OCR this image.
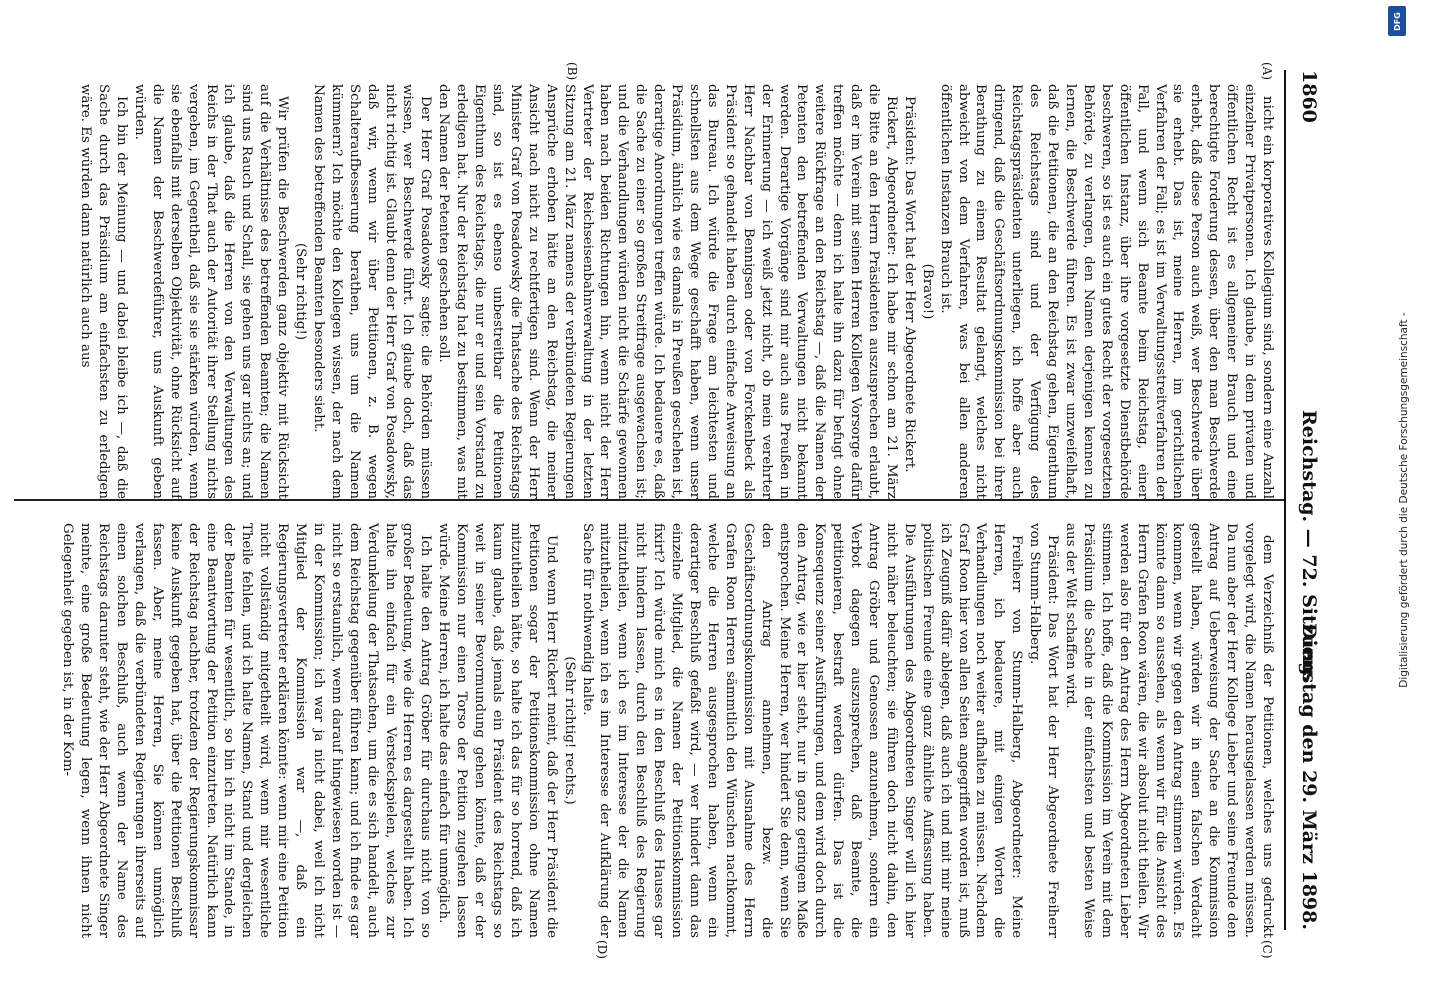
1860
Reichstag. — 72. Sitzung.
Dienstag den 29. März 1898.
(A)
(B)
(C)
(D)

nicht ein korporatives Kollegium sind, sondern eine Anzahl einzelner Privatpersonen. Ich glaube, in dem privaten und öffentlichen Recht ist es allgemeiner Brauch und eine berechtigte Forderung dessen, über den man Beschwerde erhebt, daß diese Person auch weiß, wer Beschwerde über sie erhebt. Das ist, meine Herren, im gerichtlichen Verfahren der Fall; es ist im Verwaltungsstreitverfahren der Fall, und wenn sich Beamte beim Reichstag, einer öffentlichen Instanz, über ihre vorgesetzte Dienstbehörde beschweren, so ist es auch ein gutes Recht der vorgesetzten Behörde, zu verlangen, den Namen derjenigen kennen zu lernen, die Beschwerde führen. Es ist zwar unzweifelhaft, daß die Petitionen, die an den Reichstag gehen, Eigenthum des Reichstags sind und der Verfügung des Reichstagspräsidenten unterliegen, ich hoffe aber auch dringend, daß die Geschäftsordnungskommission bei ihrer Berathung zu einem Resultat gelangt, welches nicht abweicht von dem Verfahren, was bei allen anderen öffentlichen Instanzen Brauch ist.

(Bravo!)

Präsident: Das Wort hat der Herr Abgeordnete Rickert.

Rickert, Abgeordneter: Ich habe mir schon am 21. März die Bitte an den Herrn Präsidenten auszusprechen erlaubt, daß er im Verein mit seinen Herren Kollegen Vorsorge dafür treffen möchte — denn ich halte ihn dazu für befugt ohne weitere Rückfrage an den Reichstag —, daß die Namen der Petenten den betreffenden Verwaltungen nicht bekannt werden. Derartige Vorgänge sind mir auch aus Preußen in der Erinnerung — ich weiß jetzt nicht, ob mein verehrter Herr Nachbar von Bennigsen oder von Forckenbeck als Präsident so gehandelt haben durch einfache Anweisung an das Bureau. Ich würde die Frage am leichtesten und schnellsten aus dem Wege geschafft haben, wenn unser Präsidium, ähnlich wie es damals in Preußen geschehen ist, derartige Anordnungen treffen würde. Ich bedauere es, daß die Sache zu einer so großen Streitfrage ausgewachsen ist; und die Verhandlungen würden nicht die Schärfe gewonnen haben nach beiden Richtungen hin, wenn nicht der Herr Vertreter der Reichseisenbahnverwaltung in der letzten Sitzung am 21. März namens der verbündeten Regierungen Ansprüche erhoben hätte an den Reichstag, die meiner Ansicht nach nicht zu rechtfertigen sind. Wenn der Herr Minister Graf von Posadowsky die Thatsache des Reichstags sind, so ist es ebenso unbestreitbar die Petitionen Eigenthum des Reichstags, die nur er und sein Vorstand zu erledigen hat. Nur der Reichstag hat zu bestimmen, was mit den Namen der Petenten geschehen soll.

Der Herr Graf Posadowsky sagte: die Behörden müssen wissen, wer Beschwerde führt. Ich glaube doch, daß das nicht richtig ist. Glaubt denn der Herr Graf von Posadowsky, daß wir, wenn wir über Petitionen, z. B. wegen Schalteraufbesserung berathen, uns um die Namen kümmern? Ich möchte den Kollegen wissen, der nach dem Namen des betreffenden Beamten besonders sieht.

(Sehr richtig!)

Wir prüfen die Beschwerden ganz objektiv mit Rücksicht auf die Verhältnisse des betreffenden Beamten; die Namen sind uns Rauch und Schall, sie gehen uns gar nichts an; und ich glaube, daß die Herren von den Verwaltungen des Reichs in der That auch der Autorität ihrer Stellung nichts vergeben, im Gegentheil, daß sie sie stärken würden, wenn sie ebenfalls mit derselben Objektivität, ohne Rücksicht auf die Namen der Beschwerdeführer, uns Auskunft geben würden.

Ich bin der Meinung — und dabei bleibe ich —, daß die Sache durch das Präsidium am einfachsten zu erledigen wäre. Es würden dann natürlich auch aus

dem Verzeichniß der Petitionen, welches uns gedruckt vorgelegt wird, die Namen herausgelassen werden müssen. Da nun aber der Herr Kollege Lieber und seine Freunde den Antrag auf Ueberweisung der Sache an die Kommission gestellt haben, würden wir in einen falschen Verdacht kommen, wenn wir gegen den Antrag stimmen würden. Es könnte dann so aussehen, als wenn wir für die Ansicht des Herrn Grafen Roon wären, die wir absolut nicht theilen. Wir werden also für den Antrag des Herrn Abgeordneten Lieber stimmen. Ich hoffe, daß die Kommission im Verein mit dem Präsidium die Sache in der einfachsten und besten Weise aus der Welt schaffen wird.

Präsident: Das Wort hat der Herr Abgeordnete Freiherr von Stumm-Halberg.

Freiherr von Stumm-Halberg, Abgeordneter: Meine Herren, ich bedauere, mit einigen Worten die Verhandlungen noch weiter aufhalten zu müssen. Nachdem Graf Roon hier von allen Seiten angegriffen worden ist, muß ich Zeugniß dafür ablegen, daß auch ich und mit mir meine politischen Freunde eine ganz ähnliche Auffassung haben. Die Ausführungen des Abgeordneten Singer will ich hier nicht näher beleuchten; sie führen doch nicht dahin, den Antrag Gröber und Genossen anzunehmen, sondern ein Verbot dagegen auszusprechen, daß Beamte, die petitionieren, bestraft werden dürfen. Das ist die Konsequenz seiner Ausführungen, und dem wird doch durch den Antrag, wie er hier steht, nur in ganz geringem Maße entsprochen. Meine Herren, wer hindert Sie denn, wenn Sie den Antrag annehmen, bezw. die Geschäftsordnungskommission mit Ausnahme des Herrn Grafen Roon Herren sämmtlich den Wünschen nachkommt, welche die Herren ausgesprochen haben, wenn ein derartiger Beschluß gefaßt wird, — wer hindert dann das einzelne Mitglied, die Namen der Petitionskommission fixirt? Ich würde mich es in den Beschluß des Hauses gar nicht hindern lassen, durch den Beschluß des Regierung mitzutheilen, wenn ich es im Interesse der die Namen mitzutheilen, wenn ich es im Interesse der Aufklärung der Sache für nothwendig halte.

(Sehr richtig! rechts.)

Und wenn Herr Rickert meint, daß der Herr Präsident die Petitionen sogar der Petitionskommission ohne Namen mitzutheilen hätte, so halte ich das für so horrend, daß ich kaum glaube, daß jemals ein Präsident des Reichstags so weit in seiner Bevormundung gehen könnte, daß er der Kommission nur einen Torso der Petition zugehen lassen würde. Meine Herren, ich halte das einfach für unmöglich.

Ich halte den Antrag Gröber für durchaus nicht von so großer Bedeutung, wie die Herren es dargestellt haben. Ich halte ihn einfach für ein Versteckspielen, welches zur Verdunkelung der Thatsachen, um die es sich handelt, auch dem Reichstag gegenüber führen kann; und ich finde es gar nicht so erstaunlich, wenn darauf hingewiesen worden ist — in der Kommission; ich war ja nicht dabei, weil ich nicht Mitglied der Kommission war —, daß ein Regierungsvertreter erklären könnte: wenn mir eine Petition nicht vollständig mitgetheilt wird, wenn mir wesentliche Theile fehlen, und ich halte Namen, Stand und dergleichen der Beamten für wesentlich, so bin ich nicht im Stande, in eine Beantwortung der Petition einzutreten. Natürlich kann der Reichstag nachher, trotzdem der Regierungskommissar keine Auskunft gegeben hat, über die Petitionen Beschluß fassen. Aber, meine Herren, Sie können unmöglich verlangen, daß die verbündeten Regierungen ihrerseits auf einen solchen Beschluß, auch wenn der Name des Reichstags darunter steht, wie der Herr Abgeordnete Singer meinte, eine große Bedeutung legen, wenn ihnen nicht Gelegenheit gegeben ist, in der Kom-

DFG
Digitalisierung gefördert durch die Deutsche Forschungsgemeinschaft -
